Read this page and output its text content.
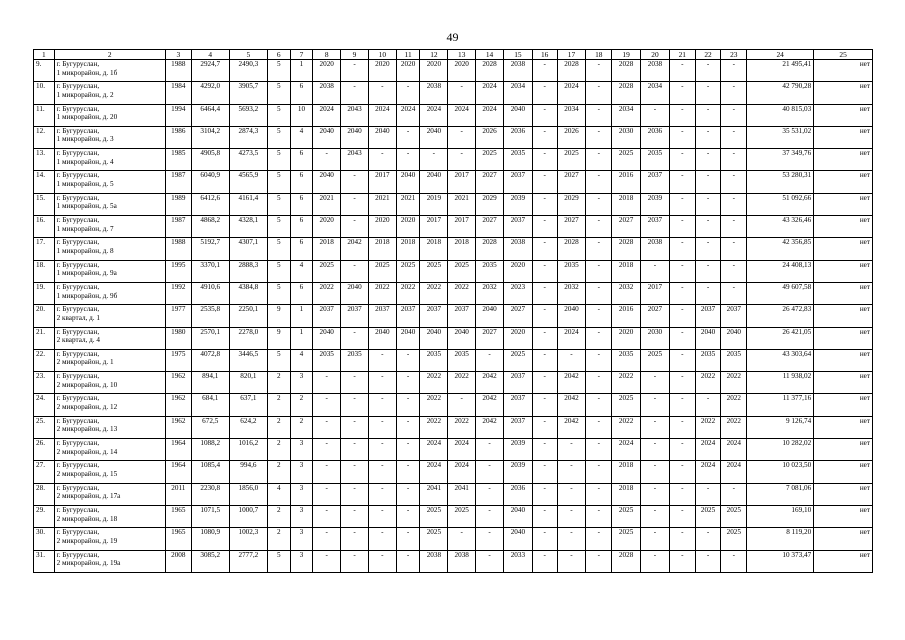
49
1	2	3	4	5	6	7	8	9	10	11	12	13	14	15	16	17	18	19	20	21	22	23	24	25
9.	г. Бугуруслан,
1 микрорайон, д. 1б	1988	2924,7	2490,3	5	1	2020	-	2020	2020	2020	2020	2028	2038	-	2028	-	2028	2038	-	-	-	21 495,41	нет
10.	г. Бугуруслан,
1 микрорайон, д. 2	1984	4292,0	3905,7	5	6	2038	-	-	-	2038	-	2024	2034	-	2024	-	2028	2034	-	-	-	42 790,28	нет
11.	г. Бугуруслан,
1 микрорайон, д. 20	1994	6464,4	5693,2	5	10	2024	2043	2024	2024	2024	2024	2024	2040	-	2034	-	2034	-	-	-	-	40 815,03	нет
12.	г. Бугуруслан,
1 микрорайон, д. 3	1986	3104,2	2874,3	5	4	2040	2040	2040	-	2040	-	2026	2036	-	2026	-	2030	2036	-	-	-	35 531,02	нет
13.	г. Бугуруслан,
1 микрорайон, д. 4	1985	4905,8	4273,5	5	6	-	2043	-	-	-	-	2025	2035	-	2025	-	2025	2035	-	-	-	37 349,76	нет
14.	г. Бугуруслан,
1 микрорайон, д. 5	1987	6040,9	4565,9	5	6	2040	-	2017	2040	2040	2017	2027	2037	-	2027	-	2016	2037	-	-	-	53 280,31	нет
15.	г. Бугуруслан,
1 микрорайон, д. 5а	1989	6412,6	4161,4	5	6	2021	-	2021	2021	2019	2021	2029	2039	-	2029	-	2018	2039	-	-	-	51 092,66	нет
16.	г. Бугуруслан,
1 микрорайон, д. 7	1987	4868,2	4328,1	5	6	2020	-	2020	2020	2017	2017	2027	2037	-	2027	-	2027	2037	-	-	-	43 326,46	нет
17.	г. Бугуруслан,
1 микрорайон, д. 8	1988	5192,7	4307,1	5	6	2018	2042	2018	2018	2018	2018	2028	2038	-	2028	-	2028	2038	-	-	-	42 356,85	нет
18.	г. Бугуруслан,
1 микрорайон, д. 9а	1995	3370,1	2888,3	5	4	2025	-	2025	2025	2025	2025	2035	2020	-	2035	-	2018	-	-	-	-	24 408,13	нет
19.	г. Бугуруслан,
1 микрорайон, д. 9б	1992	4910,6	4384,8	5	6	2022	2040	2022	2022	2022	2022	2032	2023	-	2032	-	2032	2017	-	-	-	49 607,58	нет
20.	г. Бугуруслан,
2 квартал, д. 1	1977	2535,8	2250,1	9	1	2037	2037	2037	2037	2037	2037	2040	2027	-	2040	-	2016	2027	-	2037	2037	26 472,83	нет
21.	г. Бугуруслан,
2 квартал, д. 4	1980	2570,1	2278,0	9	1	2040	-	2040	2040	2040	2040	2027	2020	-	2024	-	2020	2030	-	2040	2040	26 421,05	нет
22.	г. Бугуруслан,
2 микрорайон, д. 1	1975	4072,8	3446,5	5	4	2035	2035	-	-	2035	2035	-	2025	-	-	-	2035	2025	-	2035	2035	43 303,64	нет
23.	г. Бугуруслан,
2 микрорайон, д. 10	1962	894,1	820,1	2	3	-	-	-	-	2022	2022	2042	2037	-	2042	-	2022	-	-	2022	2022	11 938,02	нет
24.	г. Бугуруслан,
2 микрорайон, д. 12	1962	684,1	637,1	2	2	-	-	-	-	2022	-	2042	2037	-	2042	-	2025	-	-	-	2022	11 377,16	нет
25.	г. Бугуруслан,
2 микрорайон, д. 13	1962	672,5	624,2	2	2	-	-	-	-	2022	2022	2042	2037	-	2042	-	2022	-	-	2022	2022	9 126,74	нет
26.	г. Бугуруслан,
2 микрорайон, д. 14	1964	1088,2	1016,2	2	3	-	-	-	-	2024	2024	-	2039	-	-	-	2024	-	-	2024	2024	10 282,02	нет
27.	г. Бугуруслан,
2 микрорайон, д. 15	1964	1085,4	994,6	2	3	-	-	-	-	2024	2024	-	2039	-	-	-	2018	-	-	2024	2024	10 023,50	нет
28.	г. Бугуруслан,
2 микрорайон, д. 17а	2011	2230,8	1856,0	4	3	-	-	-	-	2041	2041	-	2036	-	-	-	2018	-	-	-	-	7 081,06	нет
29.	г. Бугуруслан,
2 микрорайон, д. 18	1965	1071,5	1000,7	2	3	-	-	-	-	2025	2025	-	2040	-	-	-	2025	-	-	2025	2025	169,10	нет
30.	г. Бугуруслан,
2 микрорайон, д. 19	1965	1080,9	1002,3	2	3	-	-	-	-	2025	-	-	2040	-	-	-	2025	-	-	-	2025	8 119,20	нет
31.	г. Бугуруслан,
2 микрорайон, д. 19а	2008	3085,2	2777,2	5	3	-	-	-	-	2038	2038	-	2033	-	-	-	2028	-	-	-	-	10 373,47	нет
